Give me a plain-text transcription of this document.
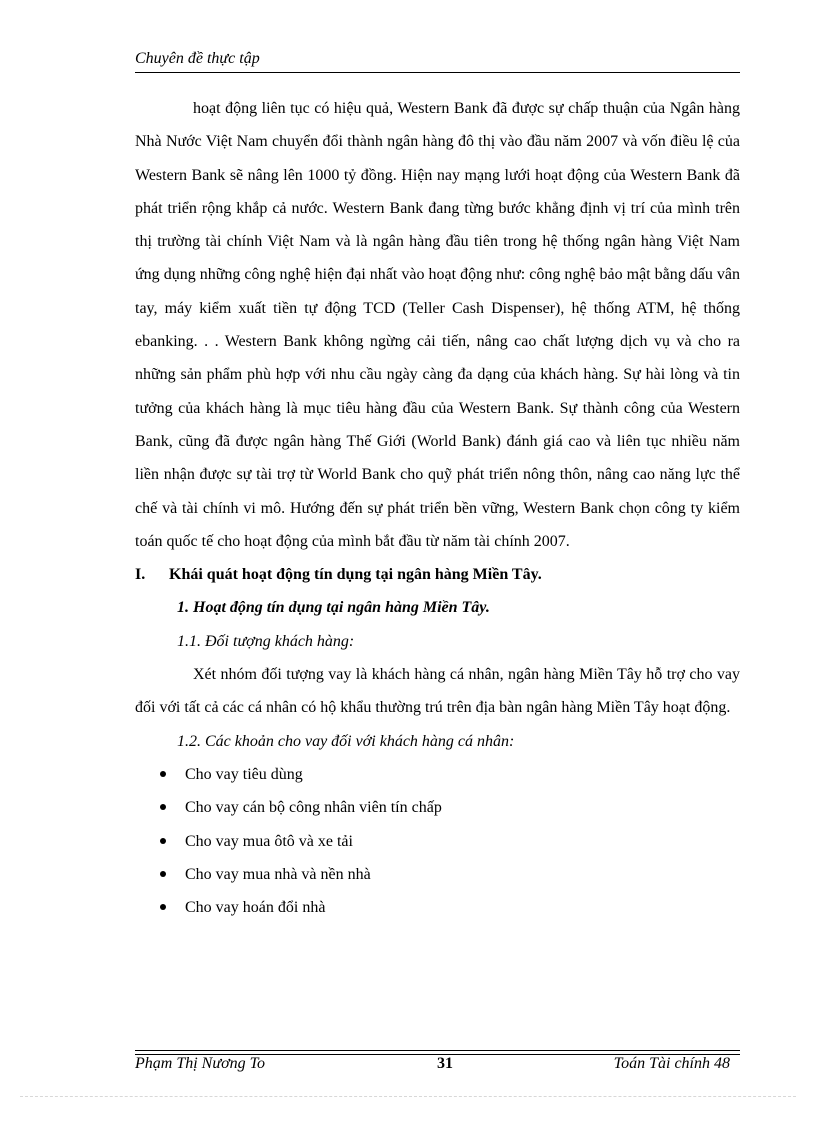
Chuyên đề thực tập

hoạt động liên tục có hiệu quả, Western Bank đã được sự chấp thuận của Ngân hàng Nhà Nước Việt Nam chuyển đổi thành ngân hàng đô thị vào đầu năm 2007 và vốn điều lệ của Western Bank sẽ nâng lên 1000 tỷ đồng. Hiện nay mạng lưới hoạt động của Western Bank đã phát triển rộng khắp cả nước. Western Bank đang từng bước khẳng định vị trí của mình trên thị trường tài chính Việt Nam và là ngân hàng đầu tiên trong hệ thống ngân hàng Việt Nam ứng dụng những công nghệ hiện đại nhất vào hoạt động như: công nghệ bảo mật bằng dấu vân tay, máy kiểm xuất tiền tự động TCD (Teller Cash Dispenser), hệ thống ATM, hệ thống ebanking. . . Western Bank không ngừng cải tiến, nâng cao chất lượng dịch vụ và cho ra những sản phẩm phù hợp với nhu cầu ngày càng đa dạng của khách hàng. Sự hài lòng và tin tưởng của khách hàng là mục tiêu hàng đầu của Western Bank. Sự thành công của Western Bank, cũng đã được ngân hàng Thế Giới (World Bank) đánh giá cao và liên tục nhiều năm liền nhận được sự tài trợ từ World Bank cho quỹ phát triển nông thôn, nâng cao năng lực thể chế và tài chính vi mô. Hướng đến sự phát triển bền vững, Western Bank chọn công ty kiểm toán quốc tế cho hoạt động của mình bắt đầu từ năm tài chính 2007.

I.	Khái quát hoạt động tín dụng tại ngân hàng Miền Tây.

1. Hoạt động tín dụng tại ngân hàng Miền Tây.

1.1. Đối tượng khách hàng:

Xét nhóm đối tượng vay là khách hàng cá nhân, ngân hàng Miền Tây hỗ trợ cho vay đối với tất cả các cá nhân có hộ khẩu thường trú trên địa bàn ngân hàng Miền Tây hoạt động.

1.2. Các khoản cho vay đối với khách hàng cá nhân:

Cho vay tiêu dùng
Cho vay cán bộ công nhân viên tín chấp
Cho vay mua ôtô và xe tải
Cho vay mua nhà và nền nhà
Cho vay hoán đổi nhà
Phạm Thị Nương To	31	Toán Tài chính 48
